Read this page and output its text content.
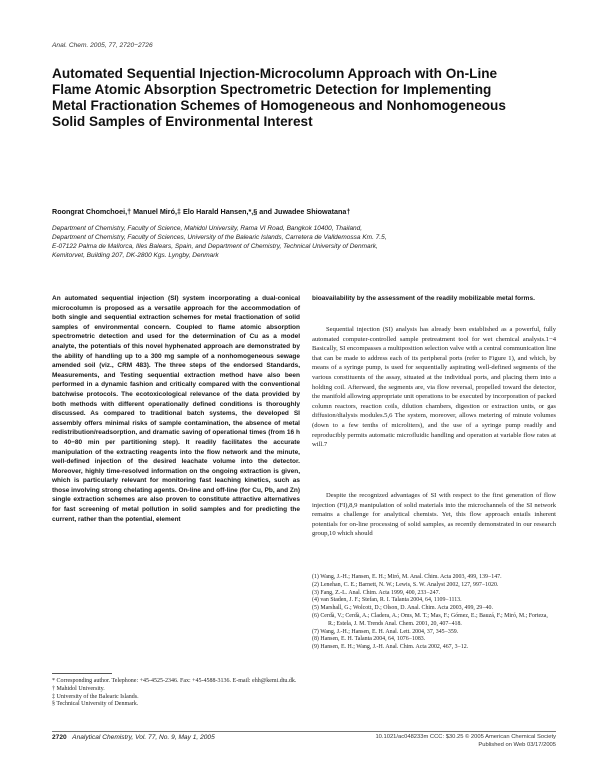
Anal. Chem. 2005, 77, 2720−2726
Automated Sequential Injection-Microcolumn Approach with On-Line Flame Atomic Absorption Spectrometric Detection for Implementing Metal Fractionation Schemes of Homogeneous and Nonhomogeneous Solid Samples of Environmental Interest
Roongrat Chomchoei,† Manuel Miró,‡ Elo Harald Hansen,*,§ and Juwadee Shiowatana†
Department of Chemistry, Faculty of Science, Mahidol University, Rama VI Road, Bangkok 10400, Thailand,
Department of Chemistry, Faculty of Sciences, University of the Balearic Islands, Carretera de Valldemossa Km. 7.5,
E-07122 Palma de Mallorca, Illes Balears, Spain, and Department of Chemistry, Technical University of Denmark,
Kemitorvet, Building 207, DK-2800 Kgs. Lyngby, Denmark
An automated sequential injection (SI) system incorporating a dual-conical microcolumn is proposed as a versatile approach for the accommodation of both single and sequential extraction schemes for metal fractionation of solid samples of environmental concern. Coupled to flame atomic absorption spectrometric detection and used for the determination of Cu as a model analyte, the potentials of this novel hyphenated approach are demonstrated by the ability of handling up to a 300 mg sample of a nonhomogeneous sewage amended soil (viz., CRM 483). The three steps of the endorsed Standards, Measurements, and Testing sequential extraction method have also been performed in a dynamic fashion and critically compared with the conventional batchwise protocols. The ecotoxicological relevance of the data provided by both methods with different operationally defined conditions is thoroughly discussed. As compared to traditional batch systems, the developed SI assembly offers minimal risks of sample contamination, the absence of metal redistribution/readsorption, and dramatic saving of operational times (from 16 h to 40−80 min per partitioning step). It readily facilitates the accurate manipulation of the extracting reagents into the flow network and the minute, well-defined injection of the desired leachate volume into the detector. Moreover, highly time-resolved information on the ongoing extraction is given, which is particularly relevant for monitoring fast leaching kinetics, such as those involving strong chelating agents. On-line and off-line (for Cu, Pb, and Zn) single extraction schemes are also proven to constitute attractive alternatives for fast screening of metal pollution in solid samples and for predicting the current, rather than the potential, element
bioavailability by the assessment of the readily mobilizable metal forms.

Sequential injection (SI) analysis has already been established as a powerful, fully automated computer-controlled sample pretreatment tool for wet chemical analysis.1−4 Basically, SI encompasses a multiposition selection valve with a central communication line that can be made to address each of its peripheral ports (refer to Figure 1), and which, by means of a syringe pump, is used for sequentially aspirating well-defined segments of the various constituents of the assay, situated at the individual ports, and placing them into a holding coil. Afterward, the segments are, via flow reversal, propelled toward the detector, the manifold allowing appropriate unit operations to be executed by incorporation of packed column reactors, reaction coils, dilution chambers, digestion or extraction units, or gas diffusion/dialysis modules.5,6 The system, moreover, allows metering of minute volumes (down to a few tenths of microliters), and the use of a syringe pump readily and reproducibly permits automatic microfluidic handling and operation at variable flow rates at will.7

Despite the recognized advantages of SI with respect to the first generation of flow injection (FI),8,9 manipulation of solid materials into the microchannels of the SI network remains a challenge for analytical chemists. Yet, this flow approach entails inherent potentials for on-line processing of solid samples, as recently demonstrated in our research group,10 which should

* Corresponding author. Telephone: +45-4525-2346. Fax: +45-4588-3136. E-mail: ehh@kemi.dtu.dk.
† Mahidol University.
‡ University of the Balearic Islands.
§ Technical University of Denmark.
(1) Wang, J.-H.; Hansen, E. H.; Miró, M. Anal. Chim. Acta 2003, 499, 139−147.
(2) Lenehan, C. E.; Barnett, N. W.; Lewis, S. W. Analyst 2002, 127, 997−1020.
(3) Fang, Z.-L. Anal. Chim. Acta 1999, 400, 233−247.
(4) van Staden, J. F.; Stefan, R. I. Talanta 2004, 64, 1109−1113.
(5) Marshall, G.; Wolcott, D.; Olson, D. Anal. Chim. Acta 2003, 499, 29−40.
(6) Cerdà, V.; Cerdà, A.; Cladera, A.; Oms, M. T.; Mas, F.; Gómez, E.; Bauzá, F.; Miró, M.; Forteza, R.; Estela, J. M. Trends Anal. Chem. 2001, 20, 407−418.
(7) Wang, J.-H.; Hansen, E. H. Anal. Lett. 2004, 37, 345−359.
(8) Hansen, E. H. Talanta 2004, 64, 1076−1083.
(9) Hansen, E. H.; Wang, J.-H. Anal. Chim. Acta 2002, 467, 3−12.
2720 Analytical Chemistry, Vol. 77, No. 9, May 1, 2005	10.1021/ac048233m CCC: $30.25 © 2005 American Chemical Society
Published on Web 03/17/2005
